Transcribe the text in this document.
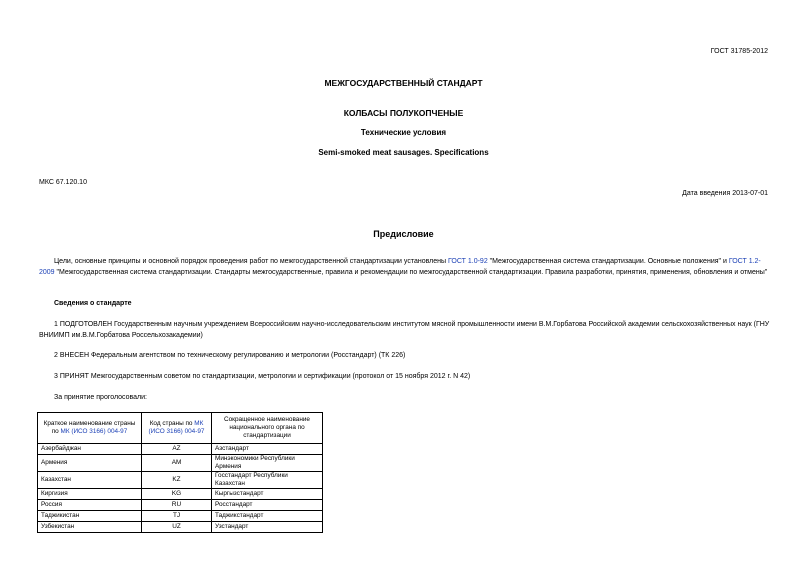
ГОСТ 31785-2012
МЕЖГОСУДАРСТВЕННЫЙ СТАНДАРТ
КОЛБАСЫ ПОЛУКОПЧЕНЫЕ
Технические условия
Semi-smoked meat sausages. Specifications
МКС 67.120.10
Дата введения 2013-07-01
Предисловие
Цели, основные принципы и основной порядок проведения работ по межгосударственной стандартизации установлены ГОСТ 1.0-92 "Межгосударственная система стандартизации. Основные положения" и ГОСТ 1.2-2009 "Межгосударственная система стандартизации. Стандарты межгосударственные, правила и рекомендации по межгосударственной стандартизации. Правила разработки, принятия, применения, обновления и отмены"
Сведения о стандарте
1 ПОДГОТОВЛЕН Государственным научным учреждением Всероссийским научно-исследовательским институтом мясной промышленности имени В.М.Горбатова Российской академии сельскохозяйственных наук (ГНУ ВНИИМП им.В.М.Горбатова Россельхозакадемии)
2 ВНЕСЕН Федеральным агентством по техническому регулированию и метрологии (Росстандарт) (ТК 226)
3 ПРИНЯТ Межгосударственным советом по стандартизации, метрологии и сертификации (протокол от 15 ноября 2012 г. N 42)
За принятие проголосовали:
Краткое наименование страны по МК (ИСО 3166) 004-97	Код страны по МК (ИСО 3166) 004-97	Сокращенное наименование национального органа по стандартизации
Азербайджан	AZ	Азстандарт
Армения	AM	Минэкономики Республики Армения
Казахстан	KZ	Госстандарт Республики Казахстан
Киргизия	KG	Кыргызстандарт
Россия	RU	Росстандарт
Таджикистан	TJ	Таджикстандарт
Узбекистан	UZ	Узстандарт
